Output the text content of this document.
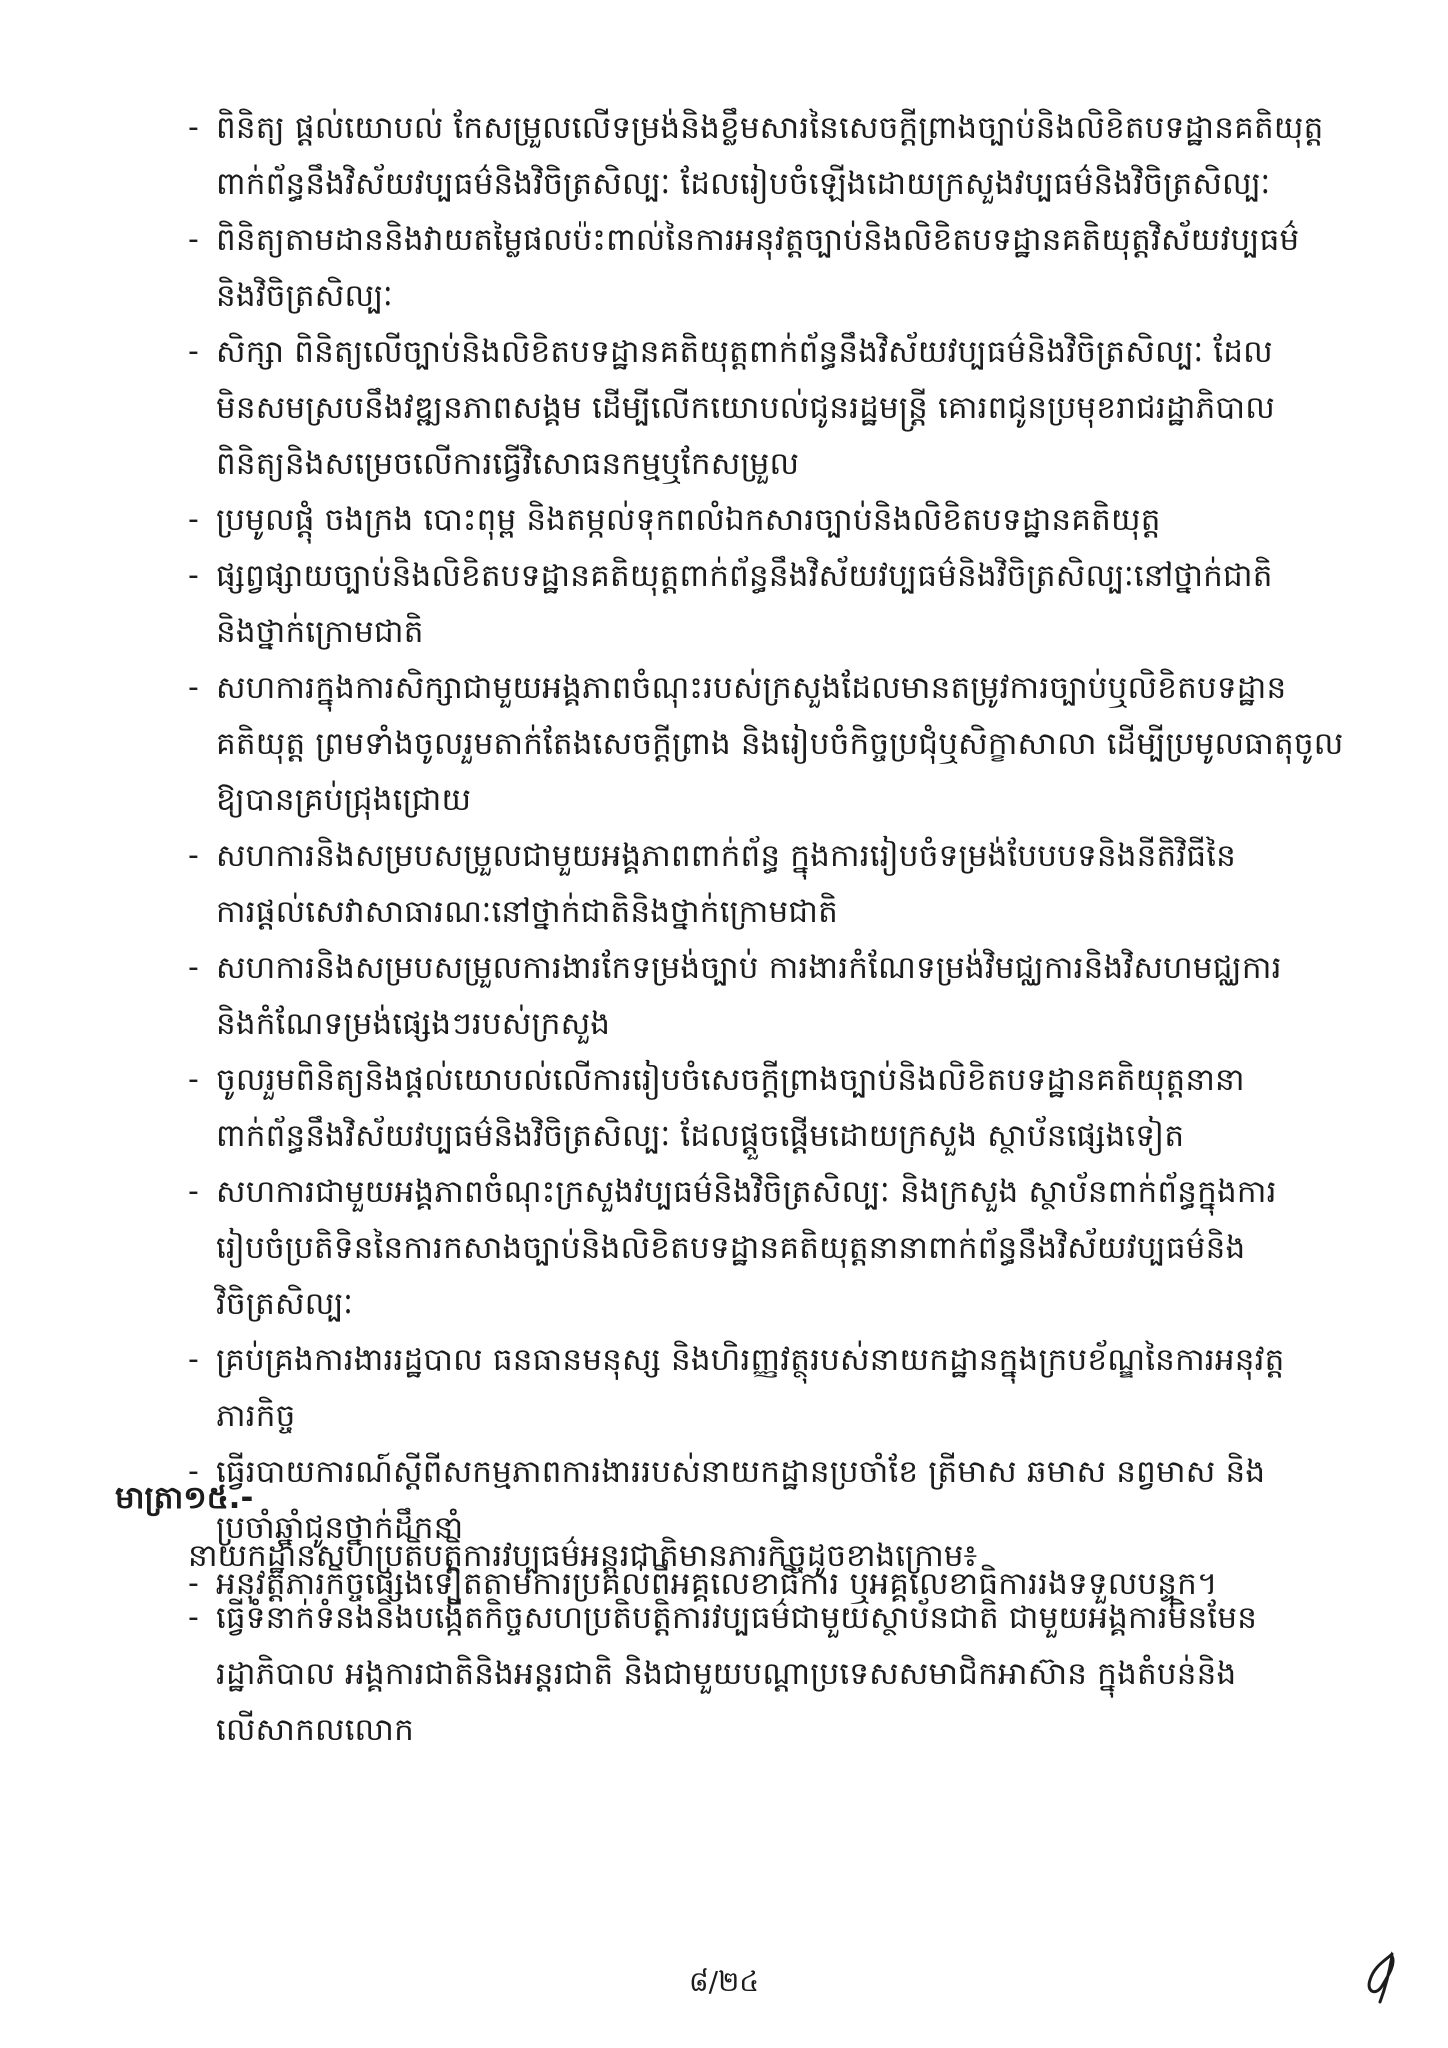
- ពិនិត្យ ផ្តល់យោបល់ កែសម្រួលលើទម្រង់និងខ្លឹមសារនៃសេចក្តីព្រាងច្បាប់និងលិខិតបទដ្ឋានគតិយុត្ត
ពាក់ព័ន្ធនឹងវិស័យវប្បធម៌និងវិចិត្រសិល្បៈ ដែលរៀបចំឡើងដោយក្រសួងវប្បធម៌និងវិចិត្រសិល្បៈ
- ពិនិត្យតាមដាននិងវាយតម្លៃផលប៉ះពាល់នៃការអនុវត្តច្បាប់និងលិខិតបទដ្ឋានគតិយុត្តវិស័យវប្បធម៌
និងវិចិត្រសិល្បៈ
- សិក្សា ពិនិត្យលើច្បាប់និងលិខិតបទដ្ឋានគតិយុត្តពាក់ព័ន្ធនឹងវិស័យវប្បធម៌និងវិចិត្រសិល្បៈ ដែល
មិនសមស្របនឹងវឌ្ឍនភាពសង្គម ដើម្បីលើកយោបល់ជូនរដ្ឋមន្ត្រី គោរពជូនប្រមុខរាជរដ្ឋាភិបាល
ពិនិត្យនិងសម្រេចលើការធ្វើវិសោធនកម្មឬកែសម្រួល
- ប្រមូលផ្តុំ ចងក្រង បោះពុម្ព និងតម្កល់ទុកពលំឯកសារច្បាប់និងលិខិតបទដ្ឋានគតិយុត្ត
- ផ្សព្វផ្សាយច្បាប់និងលិខិតបទដ្ឋានគតិយុត្តពាក់ព័ន្ធនឹងវិស័យវប្បធម៌និងវិចិត្រសិល្បៈនៅថ្នាក់ជាតិ
និងថ្នាក់ក្រោមជាតិ
- សហការក្នុងការសិក្សាជាមួយអង្គភាពចំណុះរបស់ក្រសួងដែលមានតម្រូវការច្បាប់ឬលិខិតបទដ្ឋាន
គតិយុត្ត ព្រមទាំងចូលរួមតាក់តែងសេចក្តីព្រាង និងរៀបចំកិច្ចប្រជុំឬសិក្ខាសាលា ដើម្បីប្រមូលធាតុចូល
ឱ្យបានគ្រប់ជ្រុងជ្រោយ
- សហការនិងសម្របសម្រួលជាមួយអង្គភាពពាក់ព័ន្ធ ក្នុងការរៀបចំទម្រង់បែបបទនិងនីតិវិធីនៃ
ការផ្តល់សេវាសាធារណៈនៅថ្នាក់ជាតិនិងថ្នាក់ក្រោមជាតិ
- សហការនិងសម្របសម្រួលការងារកែទម្រង់ច្បាប់ ការងារកំណែទម្រង់វិមជ្ឈការនិងវិសហមជ្ឈការ
និងកំណែទម្រង់ផ្សេងៗរបស់ក្រសួង
- ចូលរួមពិនិត្យនិងផ្តល់យោបល់លើការរៀបចំសេចក្តីព្រាងច្បាប់និងលិខិតបទដ្ឋានគតិយុត្តនានា
ពាក់ព័ន្ធនឹងវិស័យវប្បធម៌និងវិចិត្រសិល្បៈ ដែលផ្តួចផ្តើមដោយក្រសួង ស្ថាប័នផ្សេងទៀត
- សហការជាមួយអង្គភាពចំណុះក្រសួងវប្បធម៌និងវិចិត្រសិល្បៈ និងក្រសួង ស្ថាប័នពាក់ព័ន្ធក្នុងការ
រៀបចំប្រតិទិននៃការកសាងច្បាប់និងលិខិតបទដ្ឋានគតិយុត្តនានាពាក់ព័ន្ធនឹងវិស័យវប្បធម៌និង
វិចិត្រសិល្បៈ
- គ្រប់គ្រងការងាររដ្ឋបាល ធនធានមនុស្ស និងហិរញ្ញវត្ថុរបស់នាយកដ្ឋានក្នុងក្របខ័ណ្ឌនៃការអនុវត្ត
ភារកិច្ច
- ធ្វើរបាយការណ៍ស្តីពីសកម្មភាពការងាររបស់នាយកដ្ឋានប្រចាំខែ ត្រីមាស ឆមាស នព្វមាស និង
ប្រចាំឆ្នាំជូនថ្នាក់ដឹកនាំ
- អនុវត្តភារកិច្ចផ្សេងទៀតតាមការប្រគល់ពីអគ្គលេខាធិការ ឬអគ្គលេខាធិការរងទទួលបន្ទុក។
មាត្រា១៥.-
នាយកដ្ឋានសហប្រតិបត្តិការវប្បធម៌អន្តរជាតិមានភារកិច្ចដូចខាងក្រោម៖
- ធ្វើទំនាក់ទំនងនិងបង្កើតកិច្ចសហប្រតិបត្តិការវប្បធម៌ជាមួយស្ថាប័នជាតិ ជាមួយអង្គការមិនមែន
រដ្ឋាភិបាល អង្គការជាតិនិងអន្តរជាតិ និងជាមួយបណ្តាប្រទេសសមាជិកអាស៊ាន ក្នុងតំបន់និង
លើសាកលលោក
៨/២៤
